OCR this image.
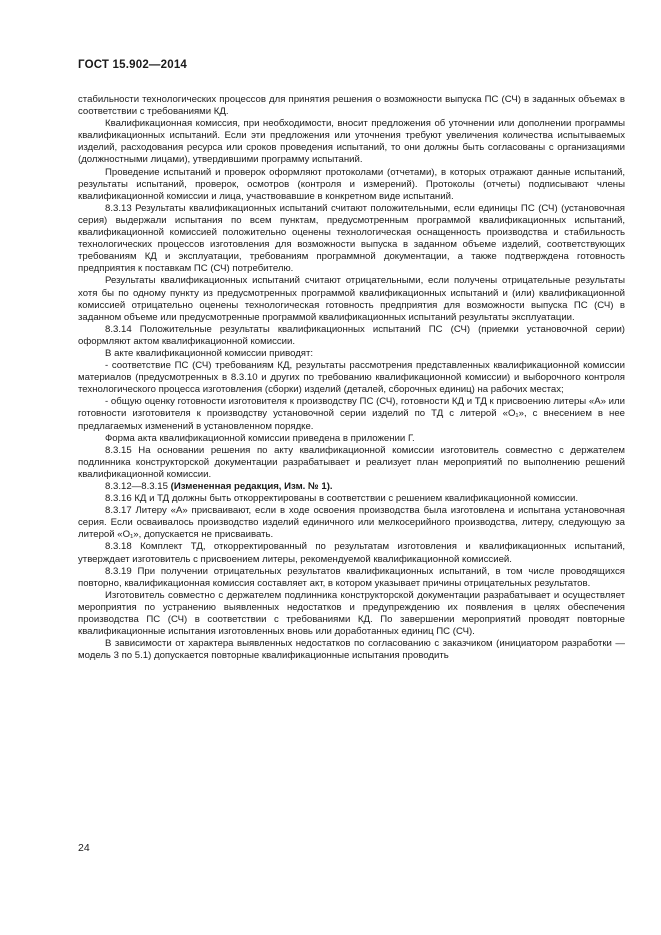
ГОСТ 15.902—2014

стабильности технологических процессов для принятия решения о возможности выпуска ПС (СЧ) в заданных объемах в соответствии с требованиями КД.

Квалификационная комиссия, при необходимости, вносит предложения об уточнении или дополнении программы квалификационных испытаний. Если эти предложения или уточнения требуют увеличения количества испытываемых изделий, расходования ресурса или сроков проведения испытаний, то они должны быть согласованы с организациями (должностными лицами), утвердившими программу испытаний.

Проведение испытаний и проверок оформляют протоколами (отчетами), в которых отражают данные испытаний, результаты испытаний, проверок, осмотров (контроля и измерений). Протоколы (отчеты) подписывают члены квалификационной комиссии и лица, участвовавшие в конкретном виде испытаний.

8.3.13 Результаты квалификационных испытаний считают положительными, если единицы ПС (СЧ) (установочная серия) выдержали испытания по всем пунктам, предусмотренным программой квалификационных испытаний, квалификационной комиссией положительно оценены технологическая оснащенность производства и стабильность технологических процессов изготовления для возможности выпуска в заданном объеме изделий, соответствующих требованиям КД и эксплуатации, требованиям программной документации, а также подтверждена готовность предприятия к поставкам ПС (СЧ) потребителю.

Результаты квалификационных испытаний считают отрицательными, если получены отрицательные результаты хотя бы по одному пункту из предусмотренных программой квалификационных испытаний и (или) квалификационной комиссией отрицательно оценены технологическая готовность предприятия для возможности выпуска ПС (СЧ) в заданном объеме или предусмотренные программой квалификационных испытаний результаты эксплуатации.

8.3.14 Положительные результаты квалификационных испытаний ПС (СЧ) (приемки установочной серии) оформляют актом квалификационной комиссии.

В акте квалификационной комиссии приводят:

- соответствие ПС (СЧ) требованиям КД, результаты рассмотрения представленных квалификационной комиссии материалов (предусмотренных в 8.3.10 и других по требованию квалификационной комиссии) и выборочного контроля технологического процесса изготовления (сборки) изделий (деталей, сборочных единиц) на рабочих местах;

- общую оценку готовности изготовителя к производству ПС (СЧ), готовности КД и ТД к присвоению литеры «А» или готовности изготовителя к производству установочной серии изделий по ТД с литерой «О₁», с внесением в нее предлагаемых изменений в установленном порядке.

Форма акта квалификационной комиссии приведена в приложении Г.

8.3.15 На основании решения по акту квалификационной комиссии изготовитель совместно с держателем подлинника конструкторской документации разрабатывает и реализует план мероприятий по выполнению решений квалификационной комиссии.

8.3.12—8.3.15 (Измененная редакция, Изм. № 1).

8.3.16 КД и ТД должны быть откорректированы в соответствии с решением квалификационной комиссии.

8.3.17 Литеру «А» присваивают, если в ходе освоения производства была изготовлена и испытана установочная серия. Если осваивалось производство изделий единичного или мелкосерийного производства, литеру, следующую за литерой «О₁», допускается не присваивать.

8.3.18 Комплект ТД, откорректированный по результатам изготовления и квалификационных испытаний, утверждает изготовитель с присвоением литеры, рекомендуемой квалификационной комиссией.

8.3.19 При получении отрицательных результатов квалификационных испытаний, в том числе проводящихся повторно, квалификационная комиссия составляет акт, в котором указывает причины отрицательных результатов.

Изготовитель совместно с держателем подлинника конструкторской документации разрабатывает и осуществляет мероприятия по устранению выявленных недостатков и предупреждению их появления в целях обеспечения производства ПС (СЧ) в соответствии с требованиями КД. По завершении мероприятий проводят повторные квалификационные испытания изготовленных вновь или доработанных единиц ПС (СЧ).

В зависимости от характера выявленных недостатков по согласованию с заказчиком (инициатором разработки — модель 3 по 5.1) допускается повторные квалификационные испытания проводить

24
